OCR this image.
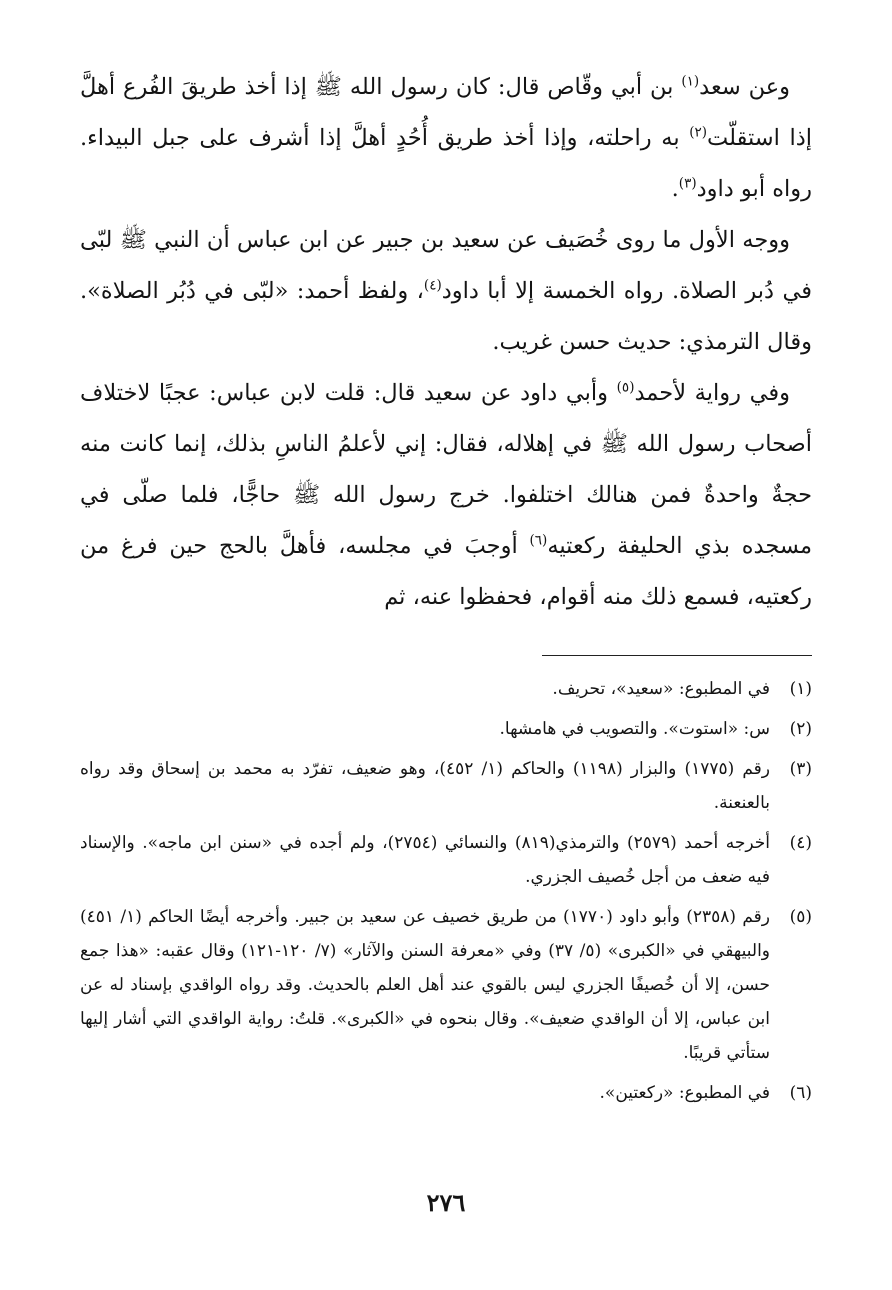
وعن سعد$^{(١)}$ بن أبي وقّاص قال: كان رسول الله ﷺ إذا أخذ طريقَ الفُرع أهلَّ إذا استقلّت$^{(٢)}$ به راحلته، وإذا أخذ طريق أُحُدٍ أهلَّ إذا أشرف على جبل البيداء. رواه أبو داود$^{(٣)}$.

ووجه الأول ما روى خُصَيف عن سعيد بن جبير عن ابن عباس أن النبي ﷺ لبّى في دُبر الصلاة. رواه الخمسة إلا أبا داود$^{(٤)}$، ولفظ أحمد: «لبّى في دُبُر الصلاة». وقال الترمذي: حديث حسن غريب.

وفي رواية لأحمد$^{(٥)}$ وأبي داود عن سعيد قال: قلت لابن عباس: عجبًا لاختلاف أصحاب رسول الله ﷺ في إهلاله، فقال: إني لأعلمُ الناسِ بذلك، إنما كانت منه حجةٌ واحدةٌ فمن هنالك اختلفوا. خرج رسول الله ﷺ حاجًّا، فلما صلّى في مسجده بذي الحليفة ركعتيه$^{(٦)}$ أوجبَ في مجلسه، فأهلَّ بالحج حين فرغ من ركعتيه، فسمع ذلك منه أقوام، فحفظوا عنه، ثم

(١)
في المطبوع: «سعيد»، تحريف.
(٢)
س: «استوت». والتصويب في هامشها.
(٣)
رقم (١٧٧٥) والبزار (١١٩٨) والحاكم (١/ ٤٥٢)، وهو ضعيف، تفرّد به محمد بن إسحاق وقد رواه بالعنعنة.
(٤)
أخرجه أحمد (٢٥٧٩) والترمذي(٨١٩) والنسائي (٢٧٥٤)، ولم أجده في «سنن ابن ماجه». والإسناد فيه ضعف من أجل خُصيف الجزري.
(٥)
رقم (٢٣٥٨) وأبو داود (١٧٧٠) من طريق خصيف عن سعيد بن جبير. وأخرجه أيضًا الحاكم (١/ ٤٥١) والبيهقي في «الكبرى» (٥/ ٣٧) وفي «معرفة السنن والآثار» (٧/ ١٢٠-١٢١) وقال عقبه: «هذا جمع حسن، إلا أن خُصيفًا الجزري ليس بالقوي عند أهل العلم بالحديث. وقد رواه الواقدي بإسناد له عن ابن عباس، إلا أن الواقدي ضعيف». وقال بنحوه في «الكبرى». قلتُ: رواية الواقدي التي أشار إليها ستأتي قريبًا.
(٦)
في المطبوع: «ركعتين».
٢٧٦
